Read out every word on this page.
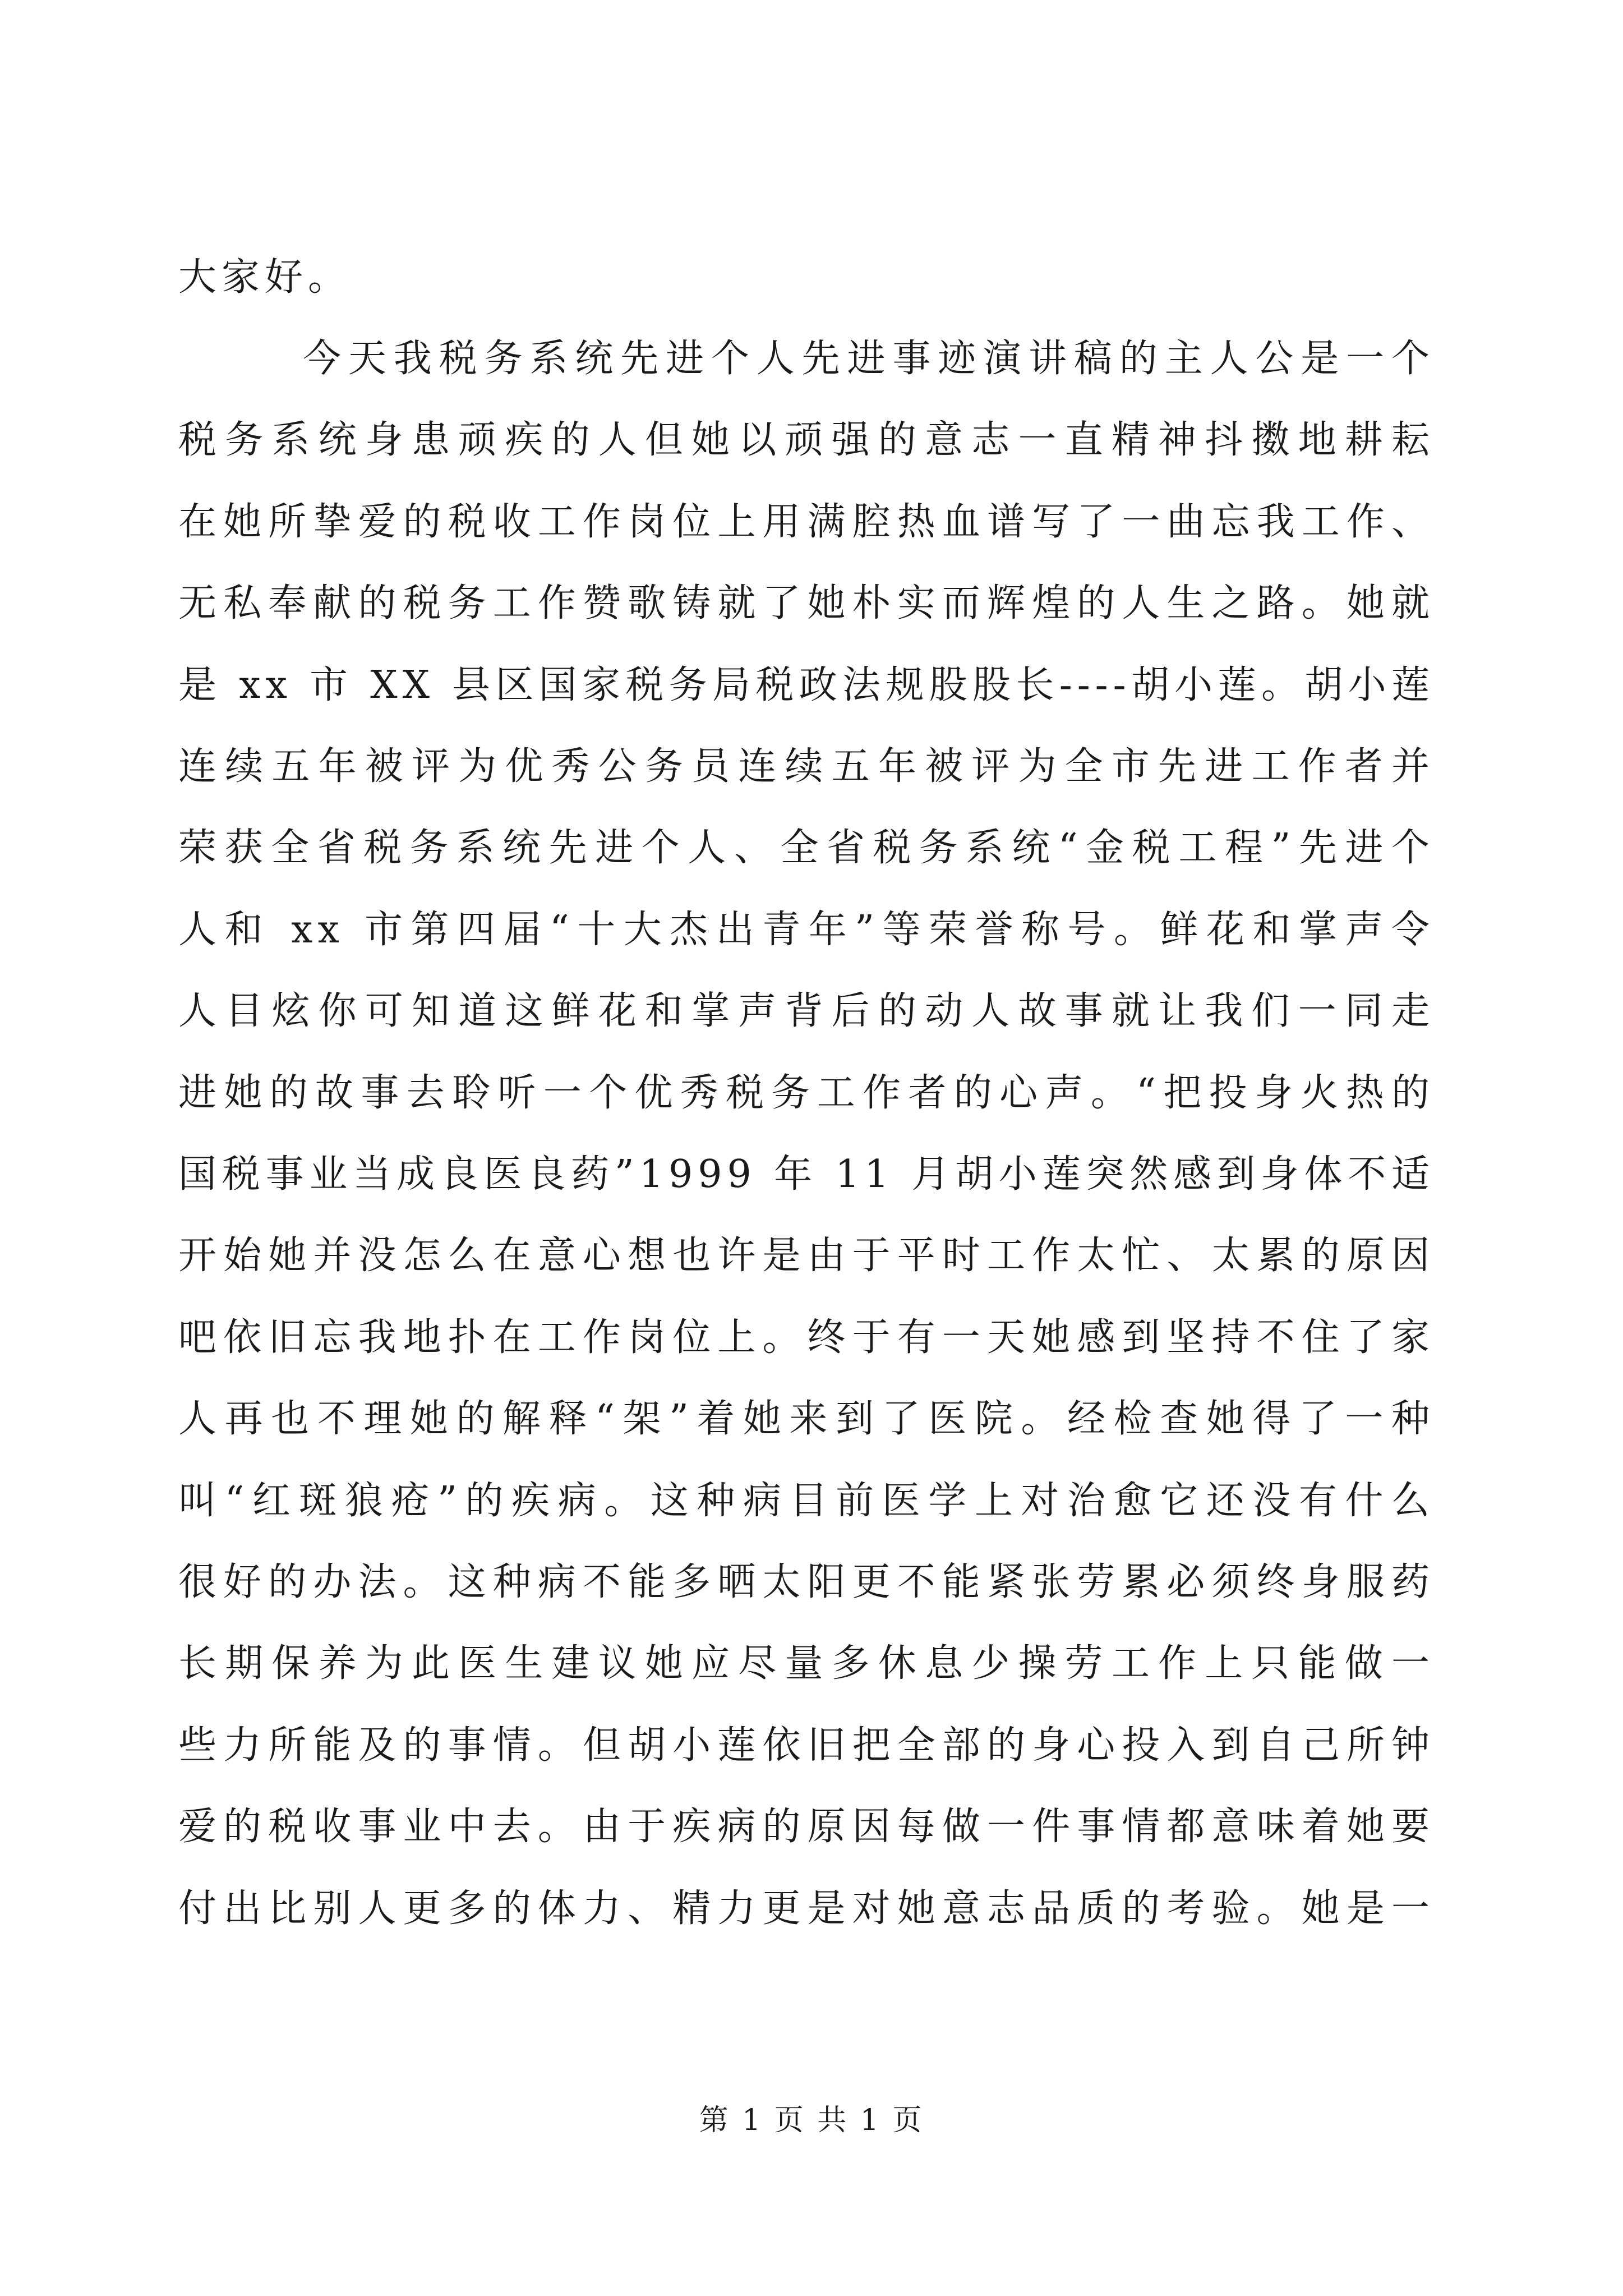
大家好。
今天我税务系统先进个人先进事迹演讲稿的主人公是一个
税务系统身患顽疾的人但她以顽强的意志一直精神抖擞地耕耘
在她所挚爱的税收工作岗位上用满腔热血谱写了一曲忘我工作、
无私奉献的税务工作赞歌铸就了她朴实而辉煌的人生之路。她就
是 xx 市 XX 县区国家税务局税政法规股股长----胡小莲。胡小莲
连续五年被评为优秀公务员连续五年被评为全市先进工作者并
荣获全省税务系统先进个人、全省税务系统“金税工程”先进个
人和 xx 市第四届“十大杰出青年”等荣誉称号。鲜花和掌声令
人目炫你可知道这鲜花和掌声背后的动人故事就让我们一同走
进她的故事去聆听一个优秀税务工作者的心声。“把投身火热的
国税事业当成良医良药”1999 年 11 月胡小莲突然感到身体不适
开始她并没怎么在意心想也许是由于平时工作太忙、太累的原因
吧依旧忘我地扑在工作岗位上。终于有一天她感到坚持不住了家
人再也不理她的解释“架”着她来到了医院。经检查她得了一种
叫“红斑狼疮”的疾病。这种病目前医学上对治愈它还没有什么
很好的办法。这种病不能多晒太阳更不能紧张劳累必须终身服药
长期保养为此医生建议她应尽量多休息少操劳工作上只能做一
些力所能及的事情。但胡小莲依旧把全部的身心投入到自己所钟
爱的税收事业中去。由于疾病的原因每做一件事情都意味着她要
付出比别人更多的体力、精力更是对她意志品质的考验。她是一
第 1 页 共 1 页
